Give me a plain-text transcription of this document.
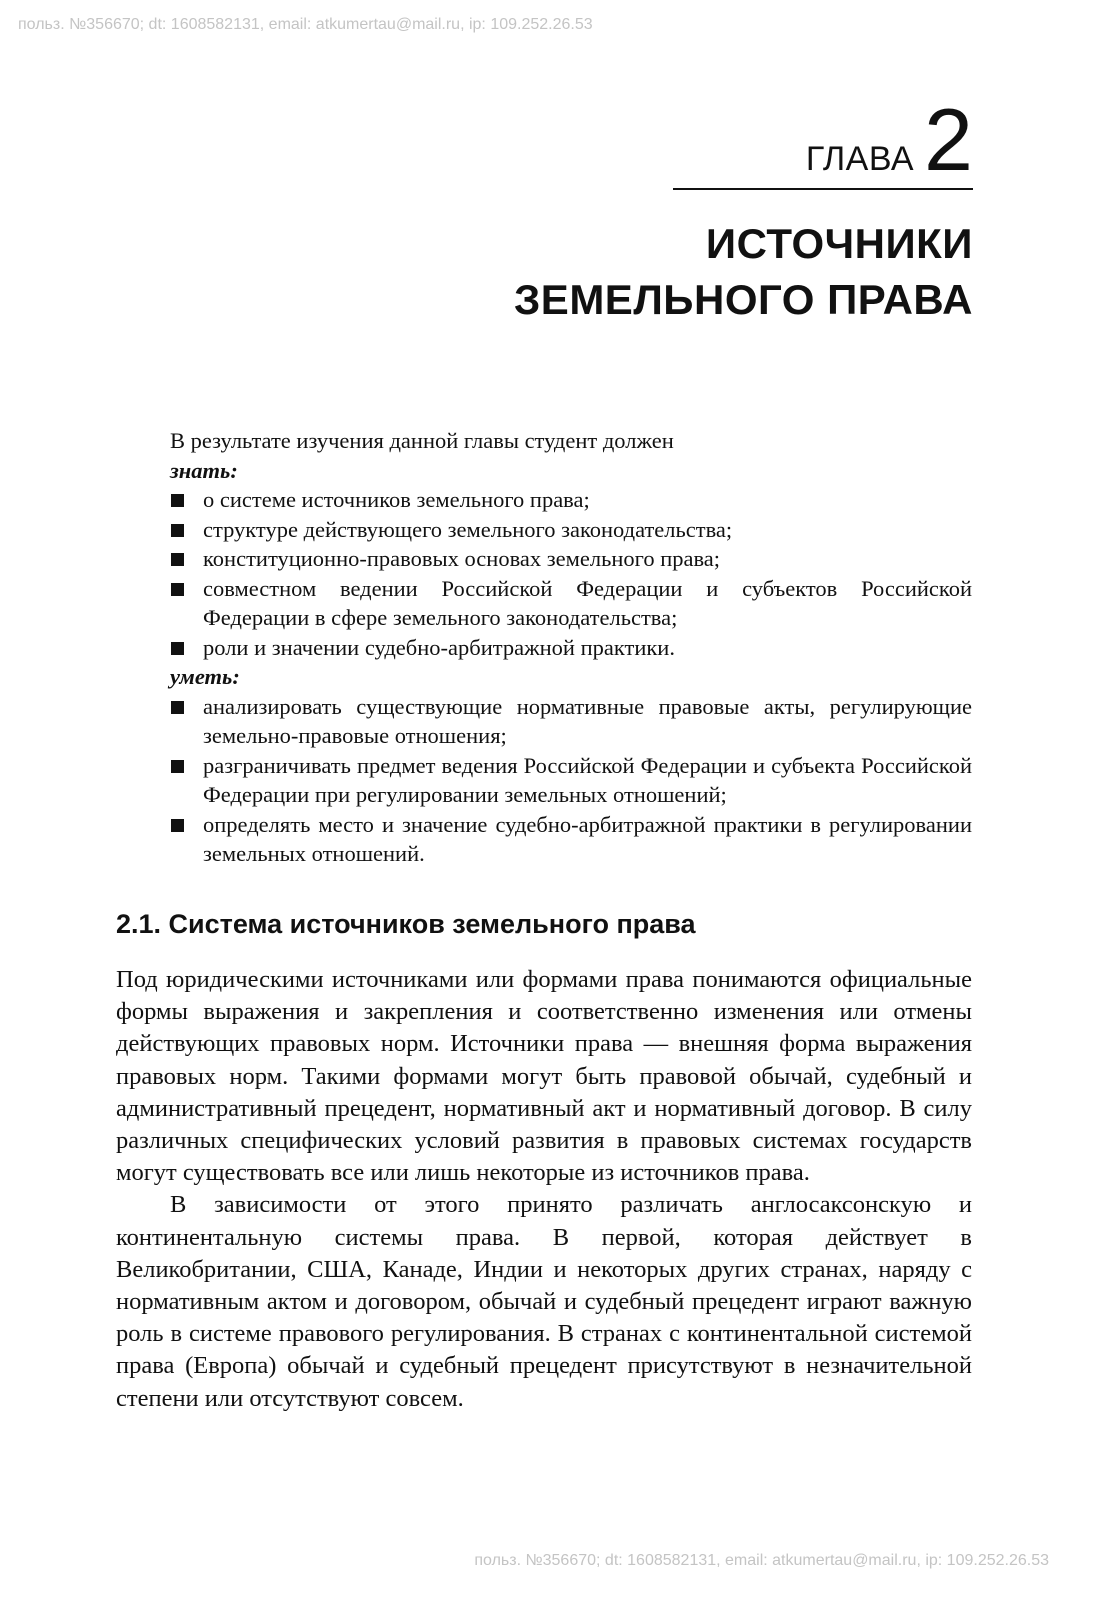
польз. №356670; dt: 1608582131, email: atkumertau@mail.ru, ip: 109.252.26.53
ГЛАВА 2
ИСТОЧНИКИ
ЗЕМЕЛЬНОГО ПРАВА
В результате изучения данной главы студент должен
знать:
о системе источников земельного права;
структуре действующего земельного законодательства;
конституционно-правовых основах земельного права;
совместном ведении Российской Федерации и субъектов Российской Федерации в сфере земельного законодательства;
роли и значении судебно-арбитражной практики.
уметь:
анализировать существующие нормативные правовые акты, регулирующие земельно-правовые отношения;
разграничивать предмет ведения Российской Федерации и субъекта Российской Федерации при регулировании земельных отношений;
определять место и значение судебно-арбитражной практики в регулировании земельных отношений.
2.1. Система источников земельного права

Под юридическими источниками или формами права понимаются официальные формы выражения и закрепления и соответственно изменения или отмены действующих правовых норм. Источники права — внешняя форма выражения правовых норм. Такими формами могут быть правовой обычай, судебный и административный прецедент, нормативный акт и нормативный договор. В силу различных специфических условий развития в правовых системах государств могут существовать все или лишь некоторые из источников права.

В зависимости от этого принято различать англосаксонскую и континентальную системы права. В первой, которая действует в Великобритании, США, Канаде, Индии и некоторых других странах, наряду с нормативным актом и договором, обычай и судебный прецедент играют важную роль в системе правового регулирования. В странах с континентальной системой права (Европа) обычай и судебный прецедент присутствуют в незначительной степени или отсутствуют совсем.

польз. №356670; dt: 1608582131, email: atkumertau@mail.ru, ip: 109.252.26.53
